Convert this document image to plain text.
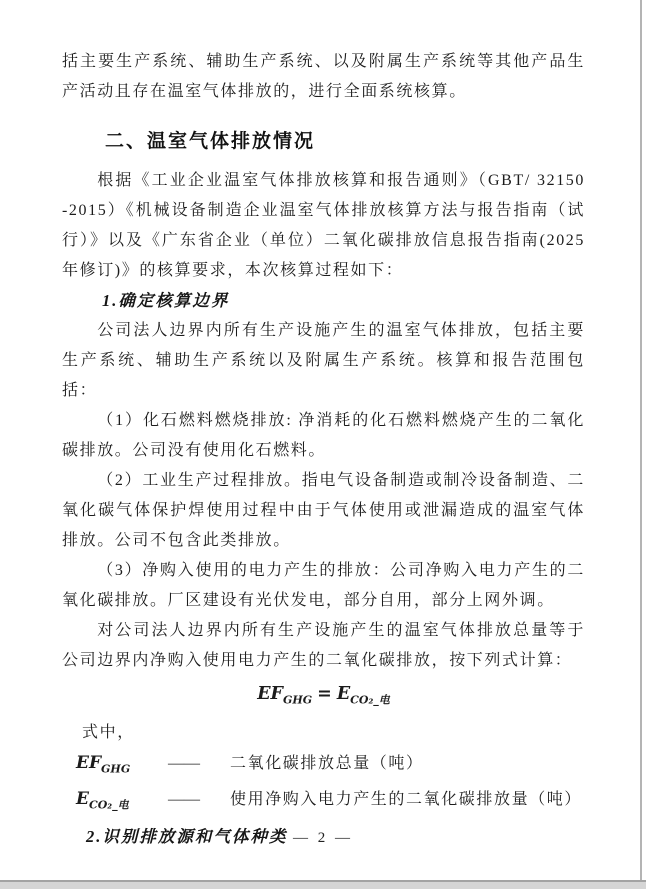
括主要生产系统、辅助生产系统、以及附属生产系统等其他产品生产活动且存在温室气体排放的，进行全面系统核算。

二、温室气体排放情况

根据《工业企业温室气体排放核算和报告通则》（GBT/ 32150 -2015）《机械设备制造企业温室气体排放核算方法与报告指南（试行）》以及《广东省企业（单位）二氧化碳排放信息报告指南(2025 年修订)》的核算要求，本次核算过程如下：

1.确定核算边界

公司法人边界内所有生产设施产生的温室气体排放，包括主要生产系统、辅助生产系统以及附属生产系统。核算和报告范围包括：

（1）化石燃料燃烧排放: 净消耗的化石燃料燃烧产生的二氧化碳排放。公司没有使用化石燃料。

（2）工业生产过程排放。指电气设备制造或制冷设备制造、二氧化碳气体保护焊使用过程中由于气体使用或泄漏造成的温室气体排放。公司不包含此类排放。

（3）净购入使用的电力产生的排放：公司净购入电力产生的二氧化碳排放。厂区建设有光伏发电，部分自用，部分上网外调。

对公司法人边界内所有生产设施产生的温室气体排放总量等于公司边界内净购入使用电力产生的二氧化碳排放，按下列式计算：

$EF_{GHG} = E_{CO_2\_电}$

式中，

$EF_{GHG}$	——	二氧化碳排放总量（吨）
$E_{CO_2\_电}$	——	使用净购入电力产生的二氧化碳排放量（吨）
2.识别排放源和气体种类 — 2 —
